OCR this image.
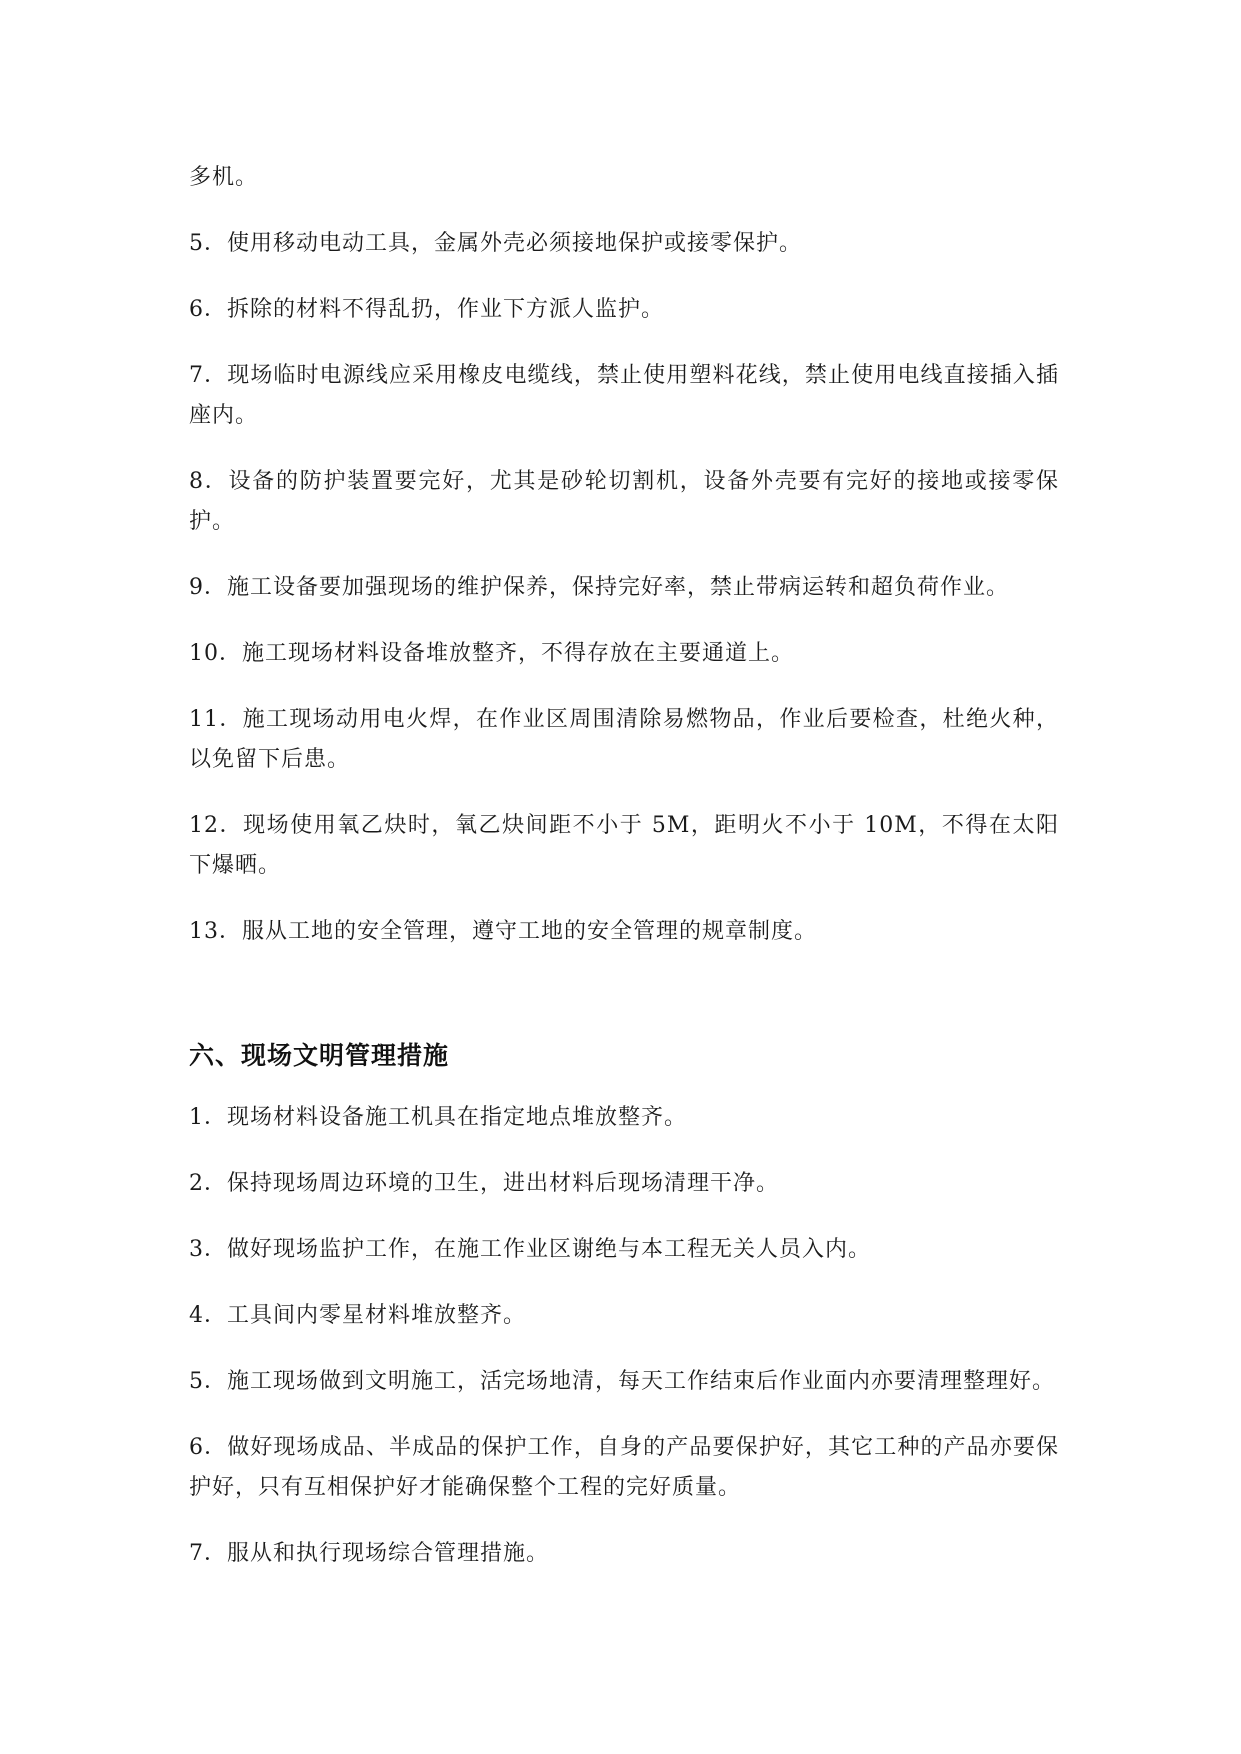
多机。

5．使用移动电动工具，金属外壳必须接地保护或接零保护。

6．拆除的材料不得乱扔，作业下方派人监护。

7．现场临时电源线应采用橡皮电缆线，禁止使用塑料花线，禁止使用电线直接插入插座内。

8．设备的防护装置要完好，尤其是砂轮切割机，设备外壳要有完好的接地或接零保护。

9．施工设备要加强现场的维护保养，保持完好率，禁止带病运转和超负荷作业。

10．施工现场材料设备堆放整齐，不得存放在主要通道上。

11．施工现场动用电火焊，在作业区周围清除易燃物品，作业后要检查，杜绝火种，以免留下后患。

12．现场使用氧乙炔时，氧乙炔间距不小于 5M，距明火不小于 10M，不得在太阳下爆晒。

13．服从工地的安全管理，遵守工地的安全管理的规章制度。

六、现场文明管理措施

1．现场材料设备施工机具在指定地点堆放整齐。

2．保持现场周边环境的卫生，进出材料后现场清理干净。

3．做好现场监护工作，在施工作业区谢绝与本工程无关人员入内。

4．工具间内零星材料堆放整齐。

5．施工现场做到文明施工，活完场地清，每天工作结束后作业面内亦要清理整理好。

6．做好现场成品、半成品的保护工作，自身的产品要保护好，其它工种的产品亦要保护好，只有互相保护好才能确保整个工程的完好质量。

7．服从和执行现场综合管理措施。
